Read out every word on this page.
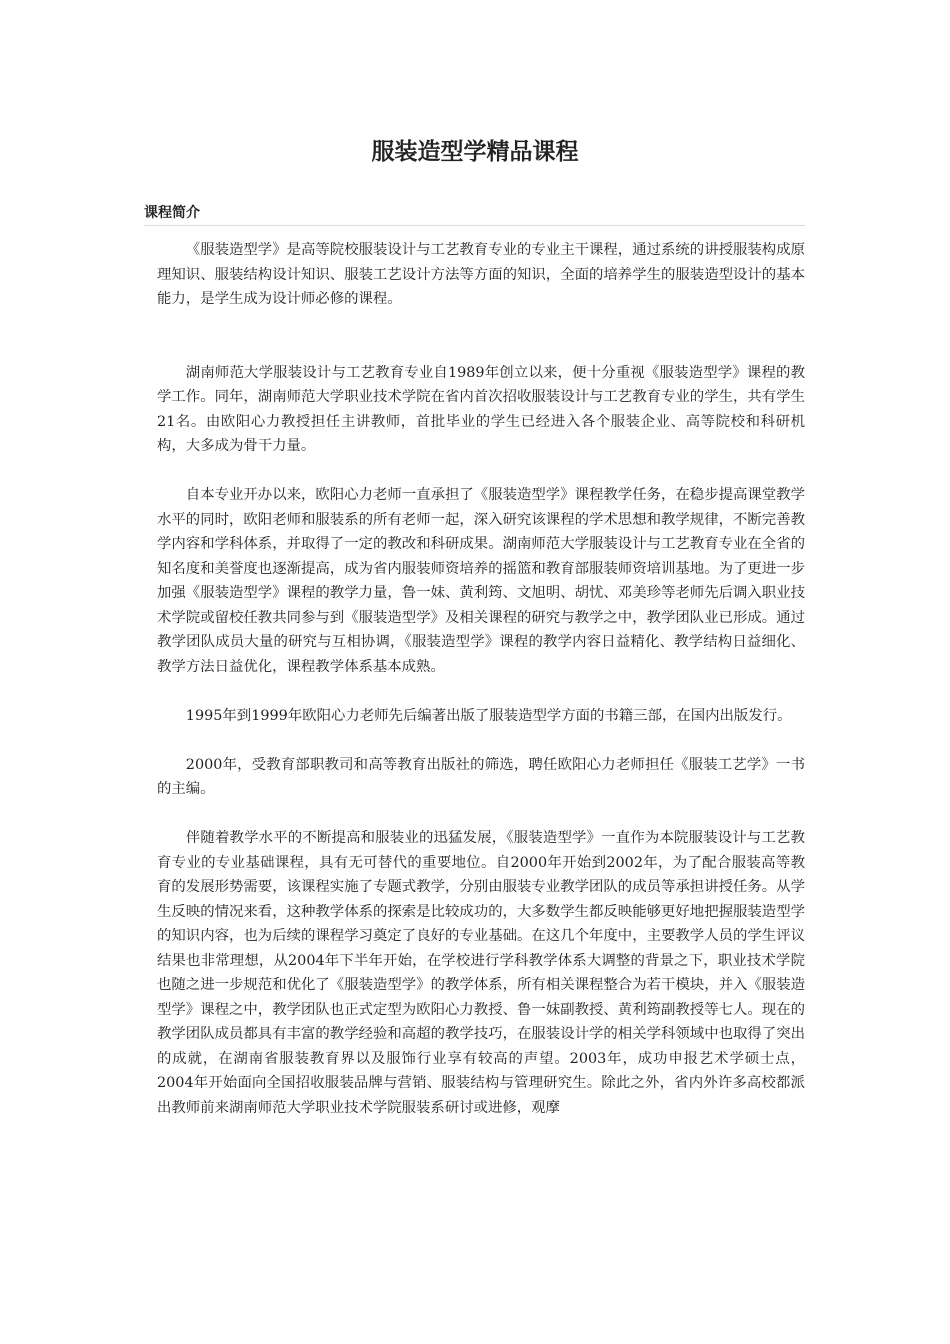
服装造型学精品课程
课程简介

《服装造型学》是高等院校服装设计与工艺教育专业的专业主干课程，通过系统的讲授服装构成原理知识、服装结构设计知识、服装工艺设计方法等方面的知识，全面的培养学生的服装造型设计的基本能力，是学生成为设计师必修的课程。

湖南师范大学服装设计与工艺教育专业自1989年创立以来，便十分重视《服装造型学》课程的教学工作。同年，湖南师范大学职业技术学院在省内首次招收服装设计与工艺教育专业的学生，共有学生21名。由欧阳心力教授担任主讲教师，首批毕业的学生已经进入各个服装企业、高等院校和科研机构，大多成为骨干力量。

自本专业开办以来，欧阳心力老师一直承担了《服装造型学》课程教学任务，在稳步提高课堂教学水平的同时，欧阳老师和服装系的所有老师一起，深入研究该课程的学术思想和教学规律，不断完善教学内容和学科体系，并取得了一定的教改和科研成果。湖南师范大学服装设计与工艺教育专业在全省的知名度和美誉度也逐渐提高，成为省内服装师资培养的摇篮和教育部服装师资培训基地。为了更进一步加强《服装造型学》课程的教学力量，鲁一妹、黄利筠、文旭明、胡忧、邓美珍等老师先后调入职业技术学院或留校任教共同参与到《服装造型学》及相关课程的研究与教学之中，教学团队业已形成。通过教学团队成员大量的研究与互相协调，《服装造型学》课程的教学内容日益精化、教学结构日益细化、教学方法日益优化，课程教学体系基本成熟。

1995年到1999年欧阳心力老师先后编著出版了服装造型学方面的书籍三部，在国内出版发行。

2000年，受教育部职教司和高等教育出版社的筛选，聘任欧阳心力老师担任《服装工艺学》一书的主编。

伴随着教学水平的不断提高和服装业的迅猛发展，《服装造型学》一直作为本院服装设计与工艺教育专业的专业基础课程，具有无可替代的重要地位。自2000年开始到2002年，为了配合服装高等教育的发展形势需要，该课程实施了专题式教学，分别由服装专业教学团队的成员等承担讲授任务。从学生反映的情况来看，这种教学体系的探索是比较成功的，大多数学生都反映能够更好地把握服装造型学的知识内容，也为后续的课程学习奠定了良好的专业基础。在这几个年度中，主要教学人员的学生评议结果也非常理想，从2004年下半年开始，在学校进行学科教学体系大调整的背景之下，职业技术学院也随之进一步规范和优化了《服装造型学》的教学体系，所有相关课程整合为若干模块，并入《服装造型学》课程之中，教学团队也正式定型为欧阳心力教授、鲁一妹副教授、黄利筠副教授等七人。现在的教学团队成员都具有丰富的教学经验和高超的教学技巧，在服装设计学的相关学科领域中也取得了突出的成就，在湖南省服装教育界以及服饰行业享有较高的声望。2003年，成功申报艺术学硕士点，2004年开始面向全国招收服装品牌与营销、服装结构与管理研究生。除此之外，省内外许多高校都派出教师前来湖南师范大学职业技术学院服装系研讨或进修，观摩
